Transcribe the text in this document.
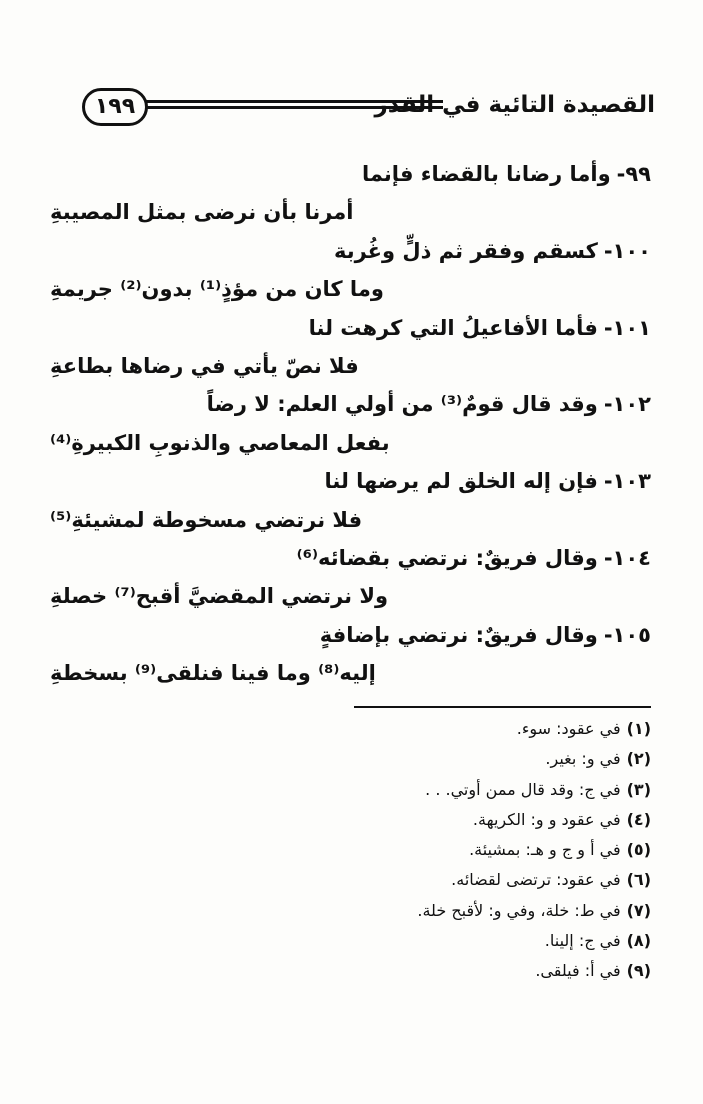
القصيدة التائية في القدر
١٩٩
٩٩-وأما رضانا بالقضاء فإنما
أمرنا بأن نرضى بمثل المصيبةِ
١٠٠-كسقم وفقر ثم ذلٍّ وغُربة
وما كان من مؤذٍ⁽¹⁾ بدون⁽²⁾ جريمةِ
١٠١-فأما الأفاعيلُ التي كرهت لنا
فلا نصّ يأتي في رضاها بطاعةِ
١٠٢-وقد قال قومٌ⁽³⁾ من أولي العلم: لا رضاً
بفعل المعاصي والذنوبِ الكبيرةِ⁽⁴⁾
١٠٣-فإن إله الخلق لم يرضها لنا
فلا نرتضي مسخوطة لمشيئةِ⁽⁵⁾
١٠٤-وقال فريقٌ: نرتضي بقضائه⁽⁶⁾
ولا نرتضي المقضيَّ أقبح⁽⁷⁾ خصلةِ
١٠٥-وقال فريقٌ: نرتضي بإضافةٍ
إليه⁽⁸⁾ وما فينا فنلقى⁽⁹⁾ بسخطةِ
(١)في عقود: سوء.
(٢)في و: بغير.
(٣)في ج: وقد قال ممن أوتي. . .
(٤)في عقود و و: الكريهة.
(٥)في أ و ج و هـ: بمشيئة.
(٦)في عقود: ترتضى لقضائه.
(٧)في ط: خلة، وفي و: لأقبح خلة.
(٨)في ج: إلينا.
(٩)في أ: فيلقى.
